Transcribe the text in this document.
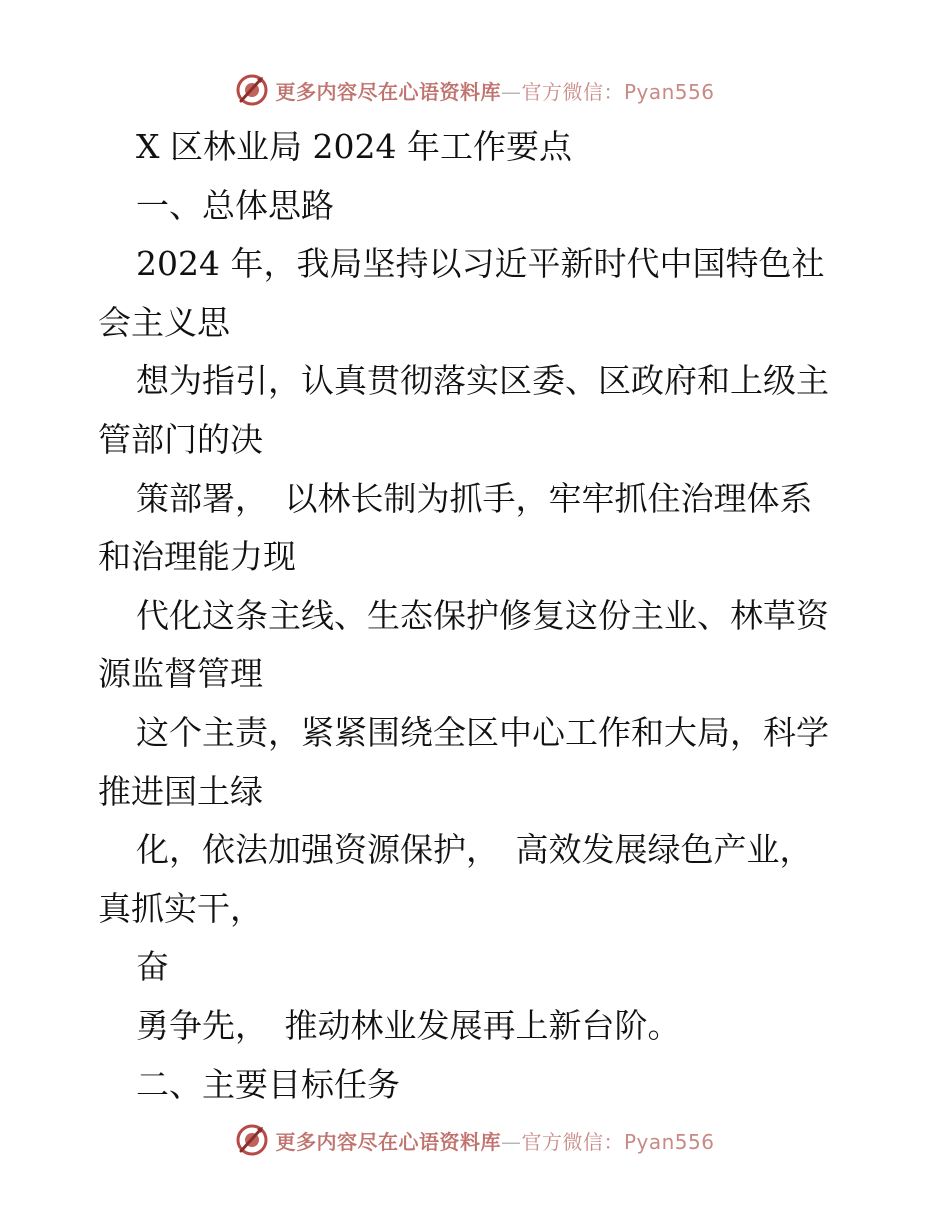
更多内容尽在心语资料库—官方微信：Pyan556
X 区林业局 2024 年工作要点
一、总体思路
2024 年，我局坚持以习近平新时代中国特色社
会主义思
想为指引，认真贯彻落实区委、区政府和上级主
管部门的决
策部署，　以林长制为抓手，牢牢抓住治理体系
和治理能力现
代化这条主线、生态保护修复这份主业、林草资
源监督管理
这个主责，紧紧围绕全区中心工作和大局，科学
推进国土绿
化，依法加强资源保护，　高效发展绿色产业，
真抓实干，
奋
勇争先，　推动林业发展再上新台阶。
二、主要目标任务
更多内容尽在心语资料库—官方微信：Pyan556
